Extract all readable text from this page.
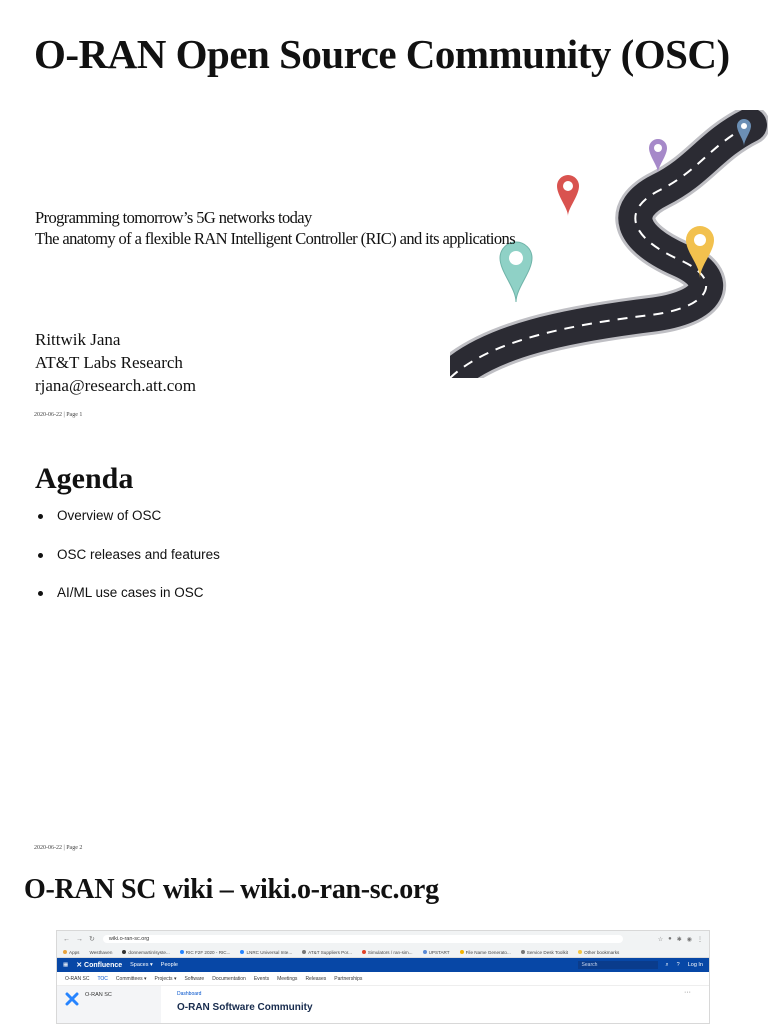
O-RAN Open Source Community (OSC)
Programming tomorrow’s 5G networks today
The anatomy of a flexible RAN Intelligent Controller (RIC) and its applications
Rittwik Jana
AT&T Labs Research
rjana@research.att.com
2020-06-22 | Page 1
Agenda
Overview of OSC
OSC releases and features
AI/ML use cases in OSC
2020-06-22 | Page 2
O-RAN SC wiki – wiki.o-ran-sc.org
← → ↻	wiki.o-ran-sc.org	☆ ● ✱ ◉ ⋮
Apps Westhaven	donnemartin/syste...	RIC F2F 2020 - RIC...	LNRC Universal Inte...	AT&T Suppliers Por...	Simulators / ran-sim...	UPSTART	File Name Generato...	Service Desk Toolkit	Other bookmarks
▦ ✕ Confluence Spaces ▾ People	Search	⌕ ? Log In
O-RAN SC TOC Committees ▾ Projects ▾ Software Documentation Events Meetings Releases Partnerships
O-RAN SC	Dashboard
O-RAN Software Community
···
